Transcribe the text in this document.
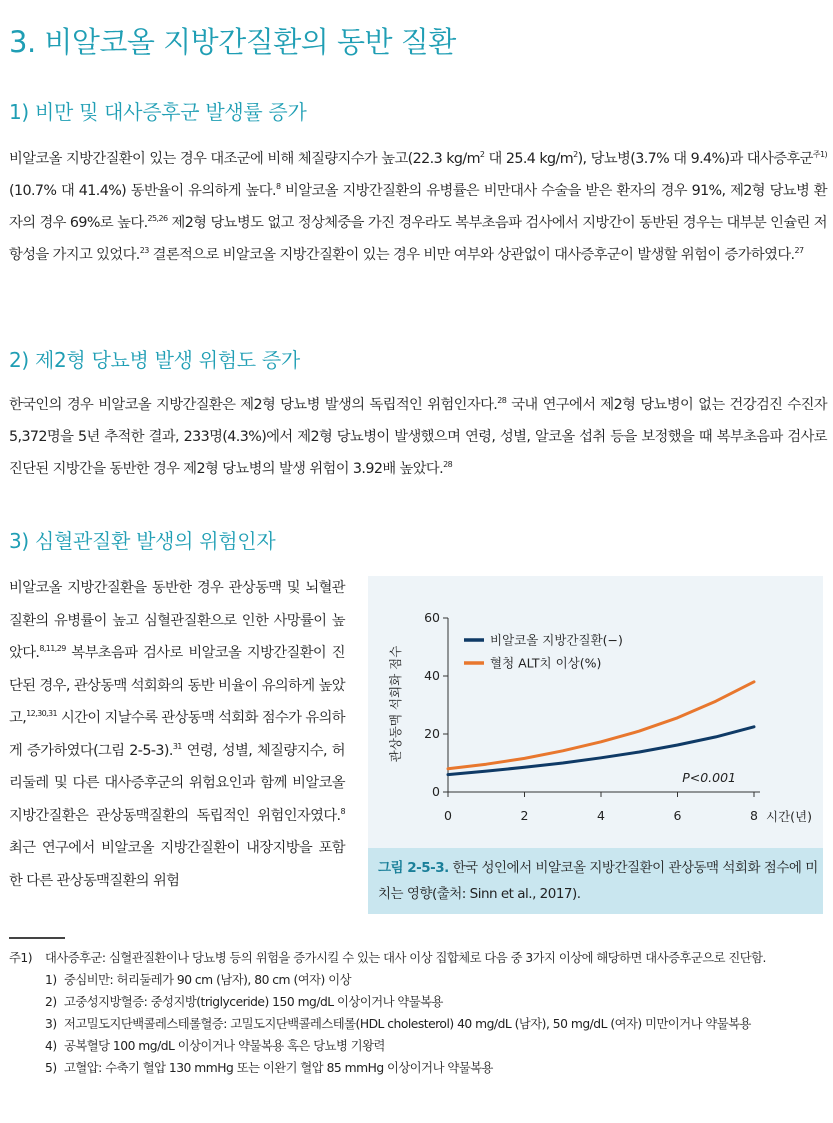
3. 비알코올 지방간질환의 동반 질환
1) 비만 및 대사증후군 발생률 증가

비알코올 지방간질환이 있는 경우 대조군에 비해 체질량지수가 높고(22.3 $kg/m^2$ 대 25.4 $kg/m^2$), 당뇨병(3.7% 대 9.4%)과 대사증후군$^{주1)}$(10.7% 대 41.4%) 동반율이 유의하게 높다.$^8$ 비알코올 지방간질환의 유병률은 비만대사 수술을 받은 환자의 경우 91%, 제2형 당뇨병 환자의 경우 69%로 높다.$^{25,26}$ 제2형 당뇨병도 없고 정상체중을 가진 경우라도 복부초음파 검사에서 지방간이 동반된 경우는 대부분 인슐린 저항성을 가지고 있었다.$^{23}$ 결론적으로 비알코올 지방간질환이 있는 경우 비만 여부와 상관없이 대사증후군이 발생할 위험이 증가하였다.$^{27}$

2) 제2형 당뇨병 발생 위험도 증가

한국인의 경우 비알코올 지방간질환은 제2형 당뇨병 발생의 독립적인 위험인자다.$^{28}$ 국내 연구에서 제2형 당뇨병이 없는 건강검진 수진자 5,372명을 5년 추적한 결과, 233명(4.3%)에서 제2형 당뇨병이 발생했으며 연령, 성별, 알코올 섭취 등을 보정했을 때 복부초음파 검사로 진단된 지방간을 동반한 경우 제2형 당뇨병의 발생 위험이 3.92배 높았다.$^{28}$

3) 심혈관질환 발생의 위험인자

비알코올 지방간질환을 동반한 경우 관상동맥 및 뇌혈관질환의 유병률이 높고 심혈관질환으로 인한 사망률이 높았다.$^{8,11,29}$ 복부초음파 검사로 비알코올 지방간질환이 진단된 경우, 관상동맥 석회화의 동반 비율이 유의하게 높았고,$^{12,30,31}$ 시간이 지날수록 관상동맥 석회화 점수가 유의하게 증가하였다(그림 2-5-3).$^{31}$ 연령, 성별, 체질량지수, 허리둘레 및 다른 대사증후군의 위험요인과 함께 비알코올 지방간질환은 관상동맥질환의 독립적인 위험인자였다.$^8$ 최근 연구에서 비알코올 지방간질환이 내장지방을 포함한 다른 관상동맥질환의 위험

0
20
40
60
0	2	4	6	8
관상동맥 석회화 점수
시간(년)
P<0.001
비알코올 지방간질환(−)
혈청 ALT치 이상(%)

그림 2-5-3. 한국 성인에서 비알코올 지방간질환이 관상동맥 석회화 점수에 미치는 영향(출처: Sinn et al., 2017).

주1)	대사증후군: 심혈관질환이나 당뇨병 등의 위험을 증가시킬 수 있는 대사 이상 집합체로 다음 중 3가지 이상에 해당하면 대사증후군으로 진단함.
1) 중심비만: 허리둘레가 90 cm (남자), 80 cm (여자) 이상
2) 고중성지방혈증: 중성지방(triglyceride) 150 mg/dL 이상이거나 약물복용
3) 저고밀도지단백콜레스테롤혈증: 고밀도지단백콜레스테롤(HDL cholesterol) 40 mg/dL (남자), 50 mg/dL (여자) 미만이거나 약물복용
4) 공복혈당 100 mg/dL 이상이거나 약물복용 혹은 당뇨병 기왕력
5) 고혈압: 수축기 혈압 130 mmHg 또는 이완기 혈압 85 mmHg 이상이거나 약물복용
